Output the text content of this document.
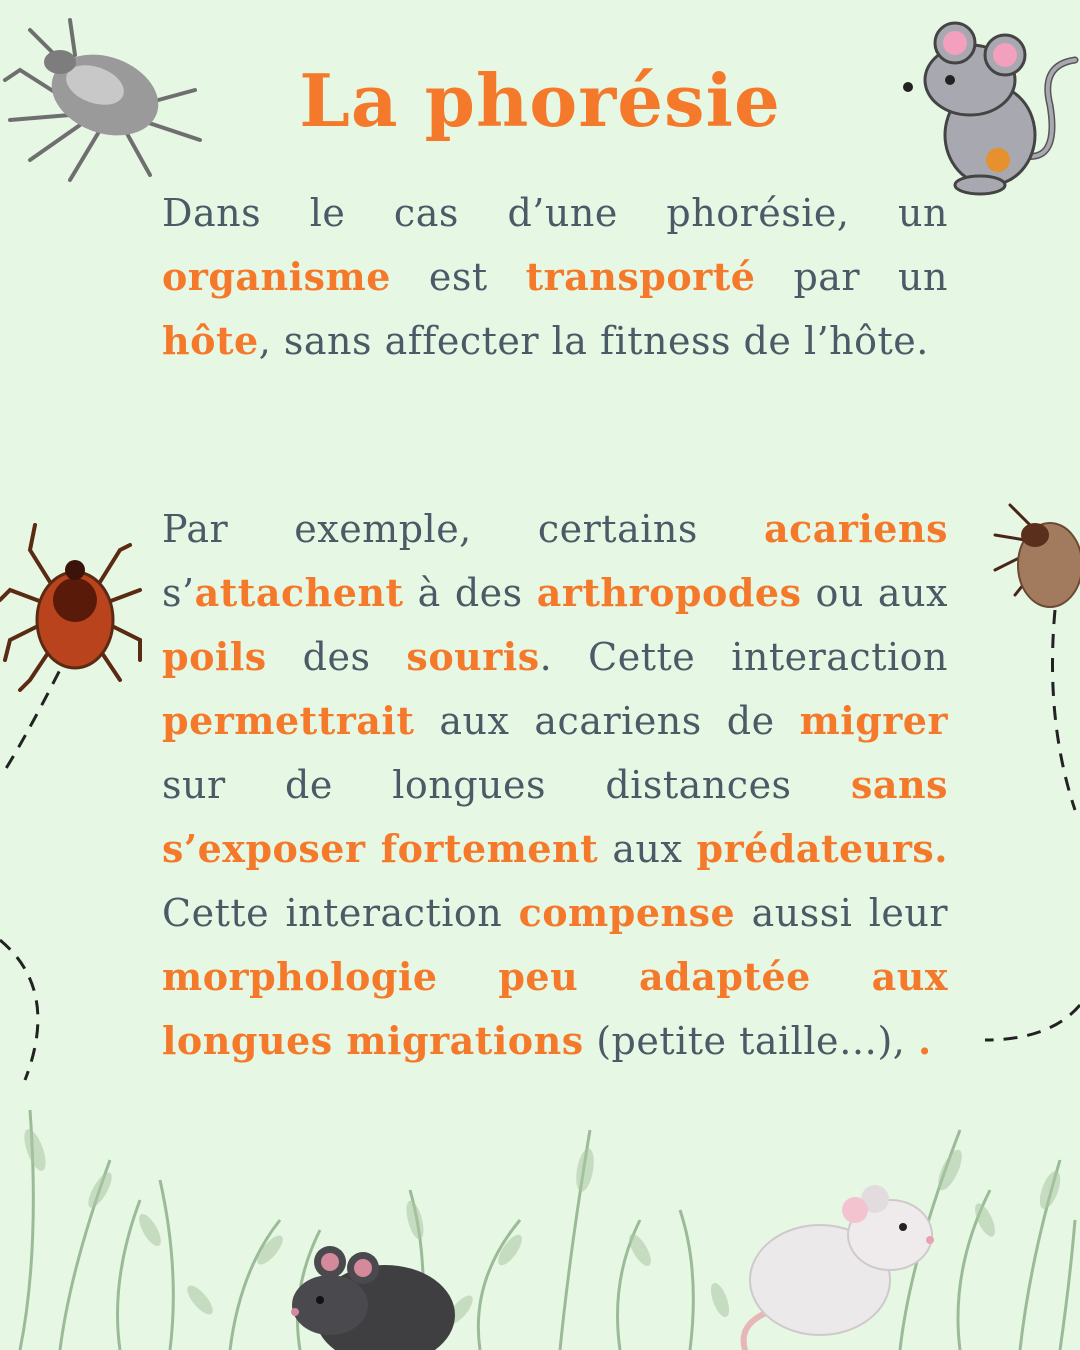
La phorésie

Dans le cas d’une phorésie, un organisme est transporté par un hôte, sans affecter la fitness de l’hôte.

Par exemple, certains acariens s’attachent à des arthropodes ou aux poils des souris. Cette interaction permettrait aux acariens de migrer sur de longues distances sans s’exposer fortement aux prédateurs. Cette interaction compense aussi leur morphologie peu adaptée aux longues migrations (petite taille…), .
